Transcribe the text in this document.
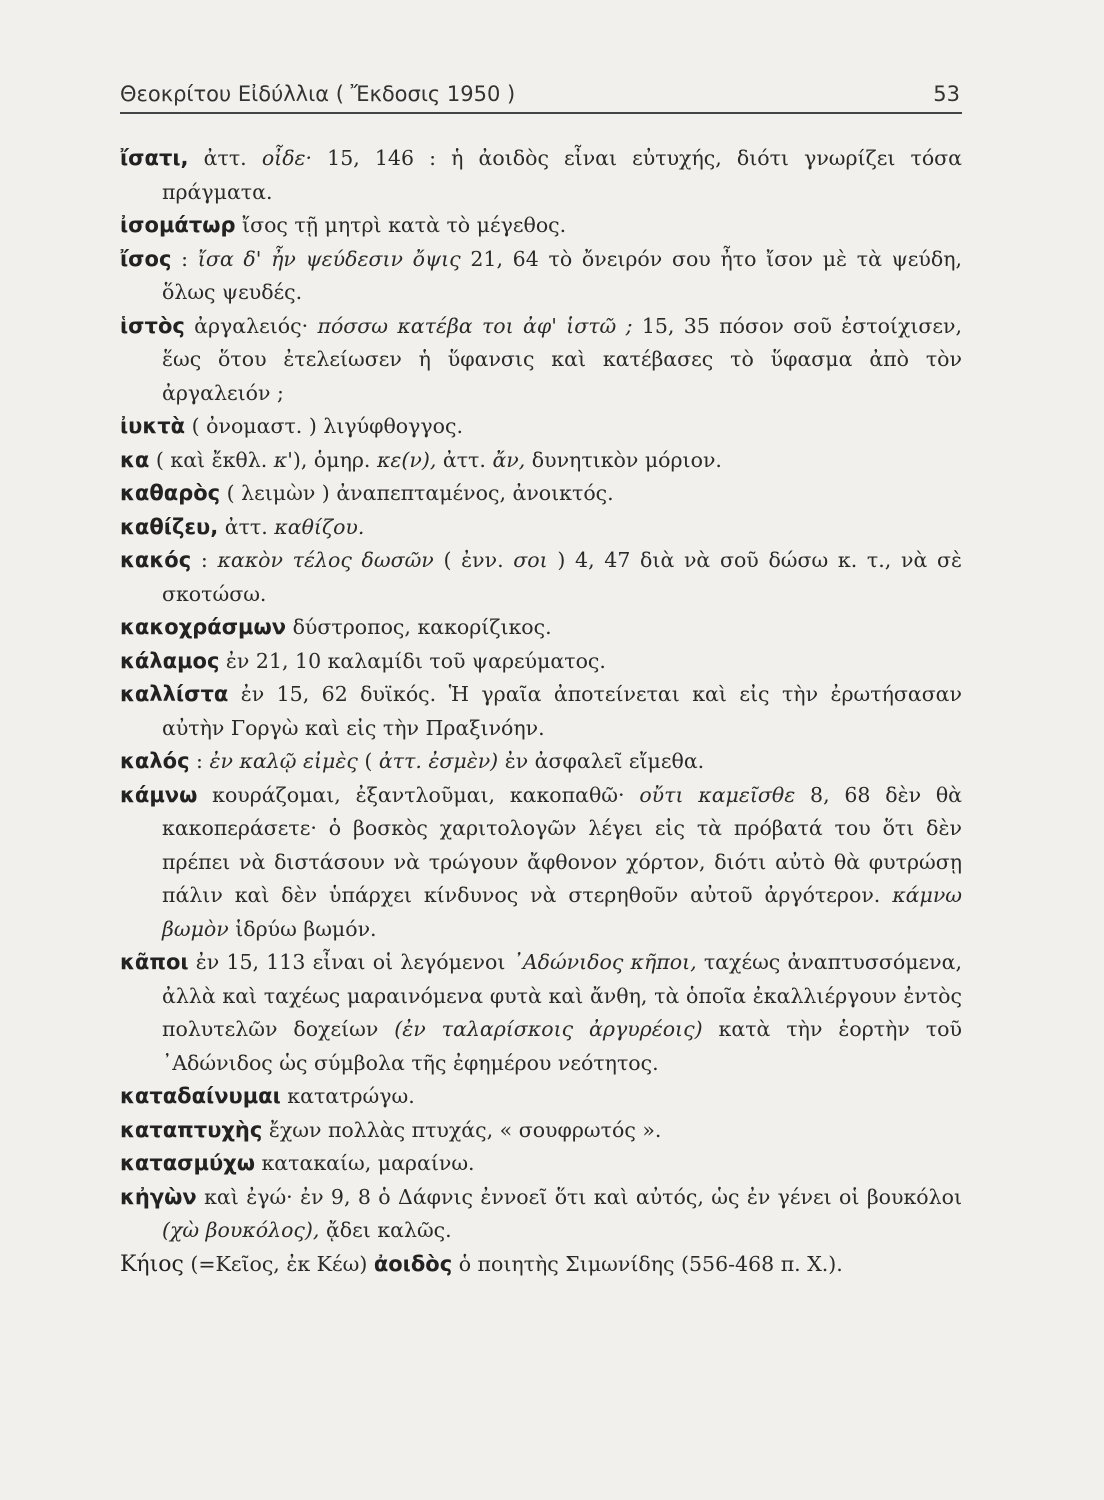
Θεοκρίτου Εἰδύλλια ( Ἔκδοσις 1950 )	53
ἴσατι, ἀττ. οἶδε· 15, 146 : ἡ ἀοιδὸς εἶναι εὐτυχής, διότι γνωρίζει τόσα πράγματα.
ἰσομάτωρ ἴσος τῇ μητρὶ κατὰ τὸ μέγεθος.
ἴσος : ἴσα δ' ἦν ψεύδεσιν ὄψις 21, 64 τὸ ὄνειρόν σου ἦτο ἴσον μὲ τὰ ψεύδη, ὅλως ψευδές.
ἱστὸς ἀργαλειός· πόσσω κατέβα τοι ἀφ' ἱστῶ ; 15, 35 πόσον σοῦ ἐστοίχισεν, ἕως ὅτου ἐτελείωσεν ἡ ὕφανσις καὶ κατέβασες τὸ ὕφασμα ἀπὸ τὸν ἀργαλειόν ;
ἰυκτὰ ( ὀνομαστ. ) λιγύφθογγος.
κα ( καὶ ἔκθλ. κ'), ὁμηρ. κε(ν), ἀττ. ἄν, δυνητικὸν μόριον.
καθαρὸς ( λειμὼν ) ἀναπεπταμένος, ἀνοικτός.
καθίζευ, ἀττ. καθίζου.
κακός : κακὸν τέλος δωσῶν ( ἐνν. σοι ) 4, 47 διὰ νὰ σοῦ δώσω κ. τ., νὰ σὲ σκοτώσω.
κακοχράσμων δύστροπος, κακορίζικος.
κάλαμος ἐν 21, 10 καλαμίδι τοῦ ψαρεύματος.
καλλίστα ἐν 15, 62 δυϊκός. Ἡ γραῖα ἀποτείνεται καὶ εἰς τὴν ἐρωτήσασαν αὐτὴν Γοργὼ καὶ εἰς τὴν Πραξινόην.
καλός : ἐν καλῷ εἰμὲς ( ἀττ. ἐσμὲν) ἐν ἀσφαλεῖ εἴμεθα.
κάμνω κουράζομαι, ἐξαντλοῦμαι, κακοπαθῶ· οὔτι καμεῖσθε 8, 68 δὲν θὰ κακοπεράσετε· ὁ βοσκὸς χαριτολογῶν λέγει εἰς τὰ πρόβατά του ὅτι δὲν πρέπει νὰ διστάσουν νὰ τρώγουν ἄφθονον χόρτον, διότι αὐτὸ θὰ φυτρώσῃ πάλιν καὶ δὲν ὑπάρχει κίνδυνος νὰ στερηθοῦν αὐτοῦ ἀργότερον. κάμνω βωμὸν ἱδρύω βωμόν.
κᾶποι ἐν 15, 113 εἶναι οἱ λεγόμενοι ᾿Αδώνιδος κῆποι, ταχέως ἀναπτυσσόμενα, ἀλλὰ καὶ ταχέως μαραινόμενα φυτὰ καὶ ἄνθη, τὰ ὁποῖα ἐκαλλιέργουν ἐντὸς πολυτελῶν δοχείων (ἐν ταλαρίσκοις ἀργυρέοις) κατὰ τὴν ἑορτὴν τοῦ ᾿Αδώνιδος ὡς σύμβολα τῆς ἐφημέρου νεότητος.
καταδαίνυμαι κατατρώγω.
καταπτυχὴς ἔχων πολλὰς πτυχάς, « σουφρωτός ».
κατασμύχω κατακαίω, μαραίνω.
κἠγὼν καὶ ἐγώ· ἐν 9, 8 ὁ Δάφνις ἐννοεῖ ὅτι καὶ αὐτός, ὡς ἐν γένει οἱ βουκόλοι (χὼ βουκόλος), ᾄδει καλῶς.
Κήιος (=Κεῖος, ἐκ Κέω) ἀοιδὸς ὁ ποιητὴς Σιμωνίδης (556-468 π. Χ.).
